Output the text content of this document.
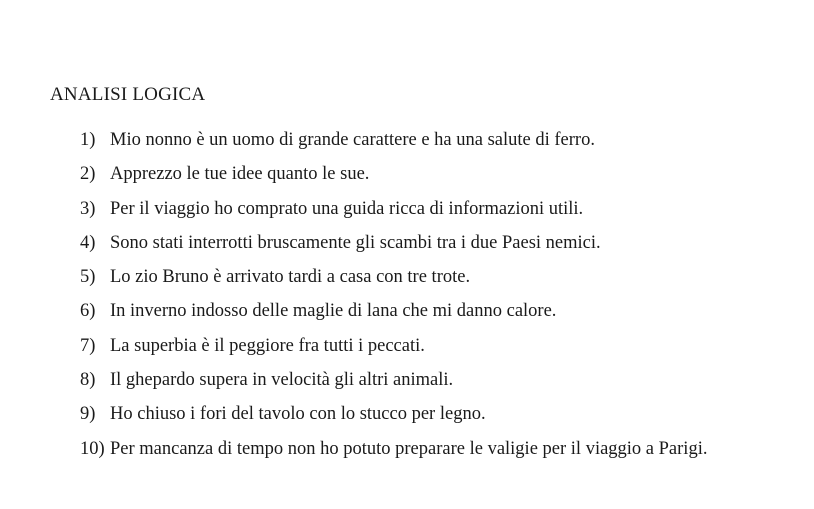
ANALISI LOGICA
1) Mio nonno è un uomo di grande carattere e ha una salute di ferro.
2) Apprezzo le tue idee quanto le sue.
3) Per il viaggio ho comprato una guida ricca di informazioni utili.
4) Sono stati interrotti bruscamente gli scambi tra i due Paesi nemici.
5) Lo zio Bruno è arrivato tardi a casa con tre trote.
6) In inverno indosso delle maglie di lana che mi danno calore.
7) La superbia è il peggiore fra tutti i peccati.
8) Il ghepardo supera in velocità gli altri animali.
9) Ho chiuso i fori del tavolo con lo stucco per legno.
10) Per mancanza di tempo non ho potuto preparare le valigie per il viaggio a Parigi.
